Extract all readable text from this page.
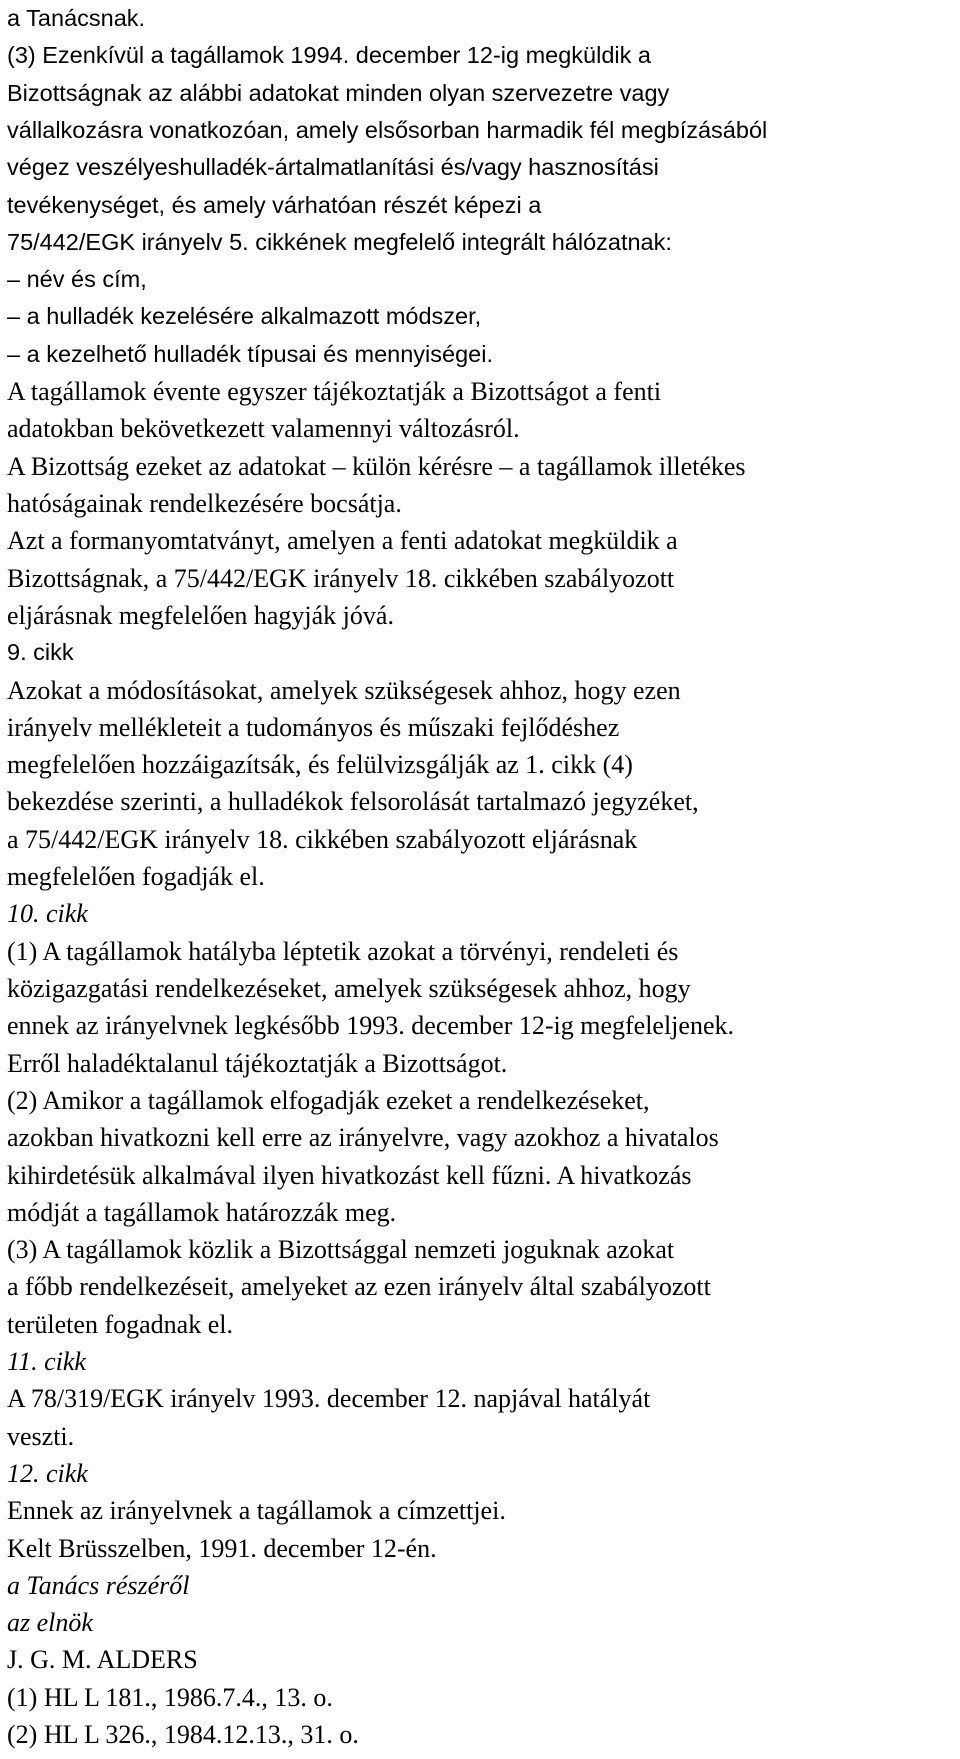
a Tanácsnak.
(3) Ezenkívül a tagállamok 1994. december 12-ig megküldik a
Bizottságnak az alábbi adatokat minden olyan szervezetre vagy
vállalkozásra vonatkozóan, amely elsősorban harmadik fél megbízásából
végez veszélyeshulladék-ártalmatlanítási és/vagy hasznosítási
tevékenységet, és amely várhatóan részét képezi a
75/442/EGK irányelv 5. cikkének megfelelő integrált hálózatnak:
– név és cím,
– a hulladék kezelésére alkalmazott módszer,
– a kezelhető hulladék típusai és mennyiségei.
A tagállamok évente egyszer tájékoztatják a Bizottságot a fenti
adatokban bekövetkezett valamennyi változásról.
A Bizottság ezeket az adatokat – külön kérésre – a tagállamok illetékes
hatóságainak rendelkezésére bocsátja.
Azt a formanyomtatványt, amelyen a fenti adatokat megküldik a
Bizottságnak, a 75/442/EGK irányelv 18. cikkében szabályozott
eljárásnak megfelelően hagyják jóvá.
9. cikk
Azokat a módosításokat, amelyek szükségesek ahhoz, hogy ezen
irányelv mellékleteit a tudományos és műszaki fejlődéshez
megfelelően hozzáigazítsák, és felülvizsgálják az 1. cikk (4)
bekezdése szerinti, a hulladékok felsorolását tartalmazó jegyzéket,
a 75/442/EGK irányelv 18. cikkében szabályozott eljárásnak
megfelelően fogadják el.
10. cikk
(1) A tagállamok hatályba léptetik azokat a törvényi, rendeleti és
közigazgatási rendelkezéseket, amelyek szükségesek ahhoz, hogy
ennek az irányelvnek legkésőbb 1993. december 12-ig megfeleljenek.
Erről haladéktalanul tájékoztatják a Bizottságot.
(2) Amikor a tagállamok elfogadják ezeket a rendelkezéseket,
azokban hivatkozni kell erre az irányelvre, vagy azokhoz a hivatalos
kihirdetésük alkalmával ilyen hivatkozást kell fűzni. A hivatkozás
módját a tagállamok határozzák meg.
(3) A tagállamok közlik a Bizottsággal nemzeti joguknak azokat
a főbb rendelkezéseit, amelyeket az ezen irányelv által szabályozott
területen fogadnak el.
11. cikk
A 78/319/EGK irányelv 1993. december 12. napjával hatályát
veszti.
12. cikk
Ennek az irányelvnek a tagállamok a címzettjei.
Kelt Brüsszelben, 1991. december 12-én.
a Tanács részéről
az elnök
J. G. M. ALDERS
(1) HL L 181., 1986.7.4., 13. o.
(2) HL L 326., 1984.12.13., 31. o.
